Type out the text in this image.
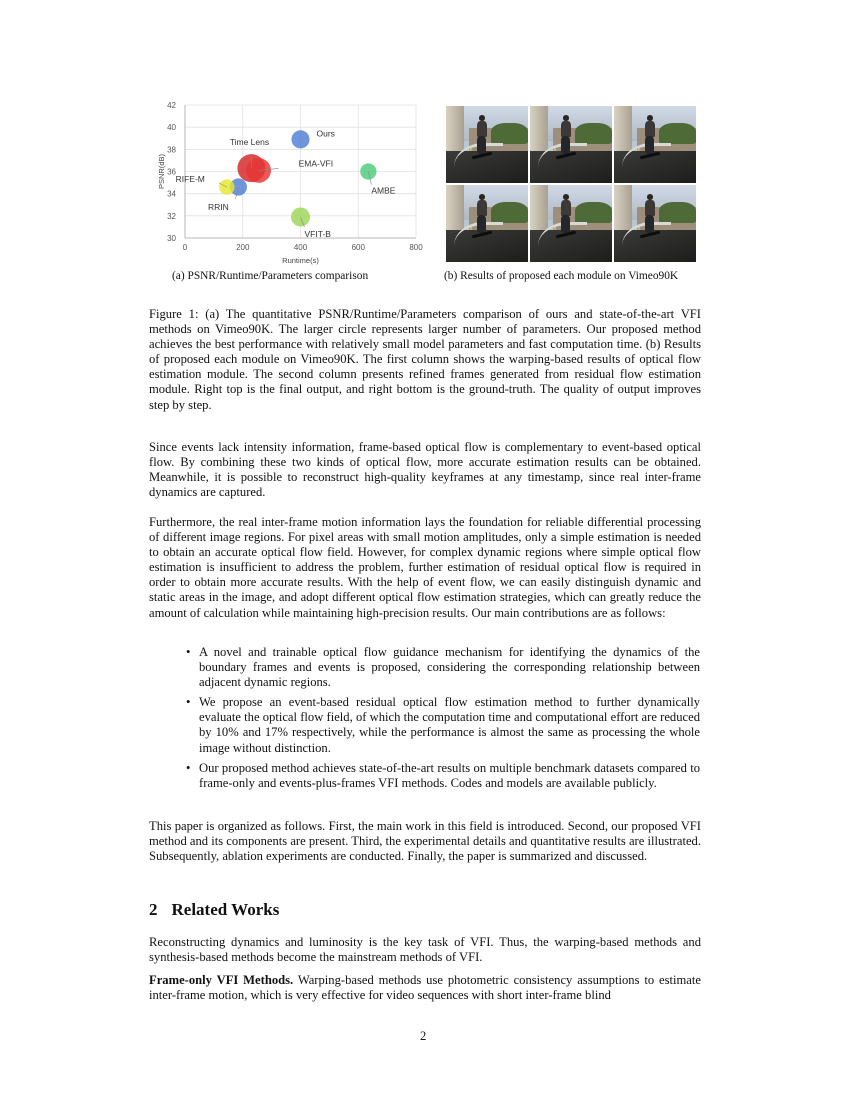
30
32
34
36
38
40
42
0	200	400	600	800
Runtime(s)
PSNR(dB)
Ours
Time Lens
EMA-VFI
RIFE-M
RRIN
AMBE
VFIT-B
(a) PSNR/Runtime/Parameters comparison
x	x	x
x	x	x
(b) Results of proposed each module on Vimeo90K
Figure 1: (a) The quantitative PSNR/Runtime/Parameters comparison of ours and state-of-the-art VFI methods on Vimeo90K. The larger circle represents larger number of parameters. Our proposed method achieves the best performance with relatively small model parameters and fast computation time. (b) Results of proposed each module on Vimeo90K. The first column shows the warping-based results of optical flow estimation module. The second column presents refined frames generated from residual flow estimation module. Right top is the final output, and right bottom is the ground-truth. The quality of output improves step by step.
Since events lack intensity information, frame-based optical flow is complementary to event-based optical flow. By combining these two kinds of optical flow, more accurate estimation results can be obtained. Meanwhile, it is possible to reconstruct high-quality keyframes at any timestamp, since real inter-frame dynamics are captured.
Furthermore, the real inter-frame motion information lays the foundation for reliable differential processing of different image regions. For pixel areas with small motion amplitudes, only a simple estimation is needed to obtain an accurate optical flow field. However, for complex dynamic regions where simple optical flow estimation is insufficient to address the problem, further estimation of residual optical flow is required in order to obtain more accurate results. With the help of event flow, we can easily distinguish dynamic and static areas in the image, and adopt different optical flow estimation strategies, which can greatly reduce the amount of calculation while maintaining high-precision results. Our main contributions are as follows:
• A novel and trainable optical flow guidance mechanism for identifying the dynamics of the boundary frames and events is proposed, considering the corresponding relationship between adjacent dynamic regions.
• We propose an event-based residual optical flow estimation method to further dynamically evaluate the optical flow field, of which the computation time and computational effort are reduced by 10% and 17% respectively, while the performance is almost the same as processing the whole image without distinction.
• Our proposed method achieves state-of-the-art results on multiple benchmark datasets compared to frame-only and events-plus-frames VFI methods. Codes and models are available publicly.
This paper is organized as follows. First, the main work in this field is introduced. Second, our proposed VFI method and its components are present. Third, the experimental details and quantitative results are illustrated. Subsequently, ablation experiments are conducted. Finally, the paper is summarized and discussed.
2 Related Works
Reconstructing dynamics and luminosity is the key task of VFI. Thus, the warping-based methods and synthesis-based methods become the mainstream methods of VFI.
Frame-only VFI Methods. Warping-based methods use photometric consistency assumptions to estimate inter-frame motion, which is very effective for video sequences with short inter-frame blind
2
